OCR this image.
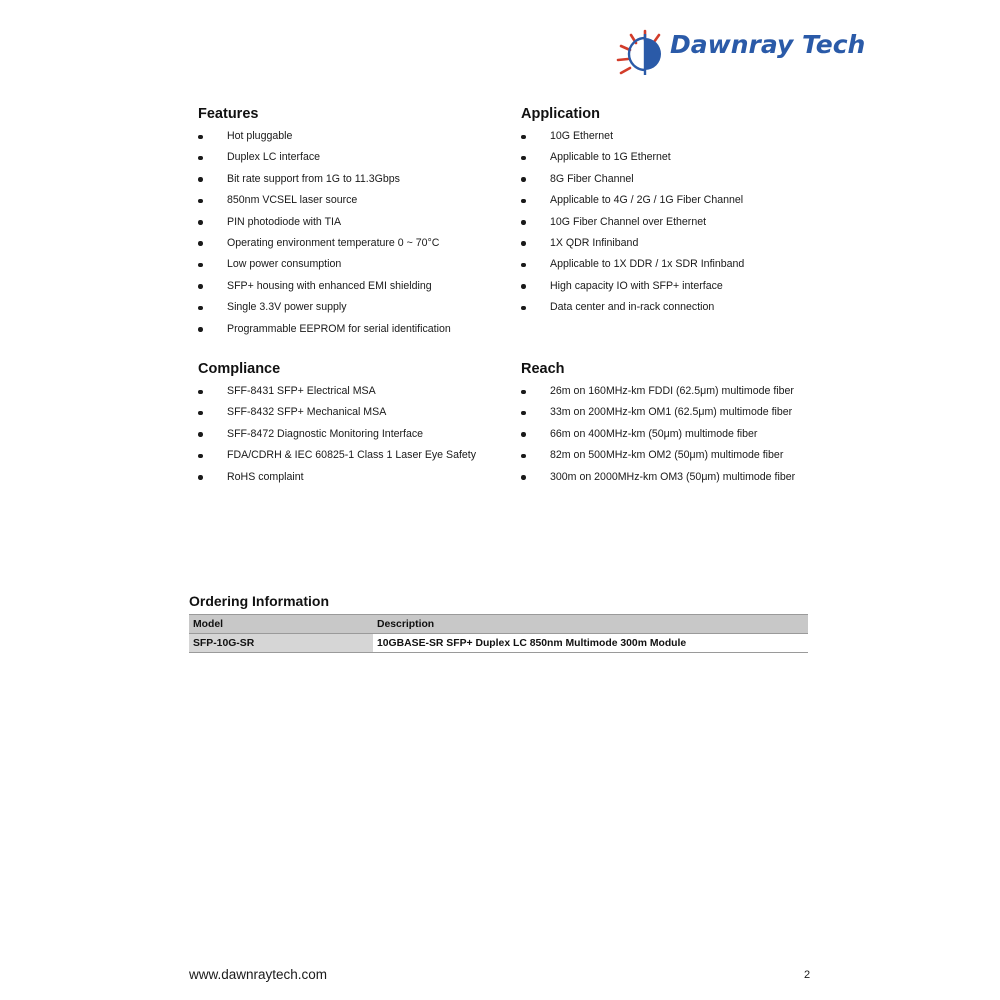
Dawnray Tech
Features
Hot pluggable
Duplex LC interface
Bit rate support from 1G to 11.3Gbps
850nm VCSEL laser source
PIN photodiode with TIA
Operating environment temperature 0 ~ 70°C
Low power consumption
SFP+ housing with enhanced EMI shielding
Single 3.3V power supply
Programmable EEPROM for serial identification
Application
10G Ethernet
Applicable to 1G Ethernet
8G Fiber Channel
Applicable to 4G / 2G / 1G Fiber Channel
10G Fiber Channel over Ethernet
1X QDR Infiniband
Applicable to 1X DDR / 1x SDR Infinband
High capacity IO with SFP+ interface
Data center and in-rack connection
Compliance
SFF-8431 SFP+ Electrical MSA
SFF-8432 SFP+ Mechanical MSA
SFF-8472 Diagnostic Monitoring Interface
FDA/CDRH & IEC 60825-1 Class 1 Laser Eye Safety
RoHS complaint
Reach
26m on 160MHz-km FDDI (62.5μm) multimode fiber
33m on 200MHz-km OM1 (62.5μm) multimode fiber
66m on 400MHz-km (50μm) multimode fiber
82m on 500MHz-km OM2 (50μm) multimode fiber
300m on 2000MHz-km OM3 (50μm) multimode fiber
Ordering Information
Model	Description
SFP-10G-SR	10GBASE-SR SFP+ Duplex LC 850nm Multimode 300m Module
www.dawnraytech.com	2
